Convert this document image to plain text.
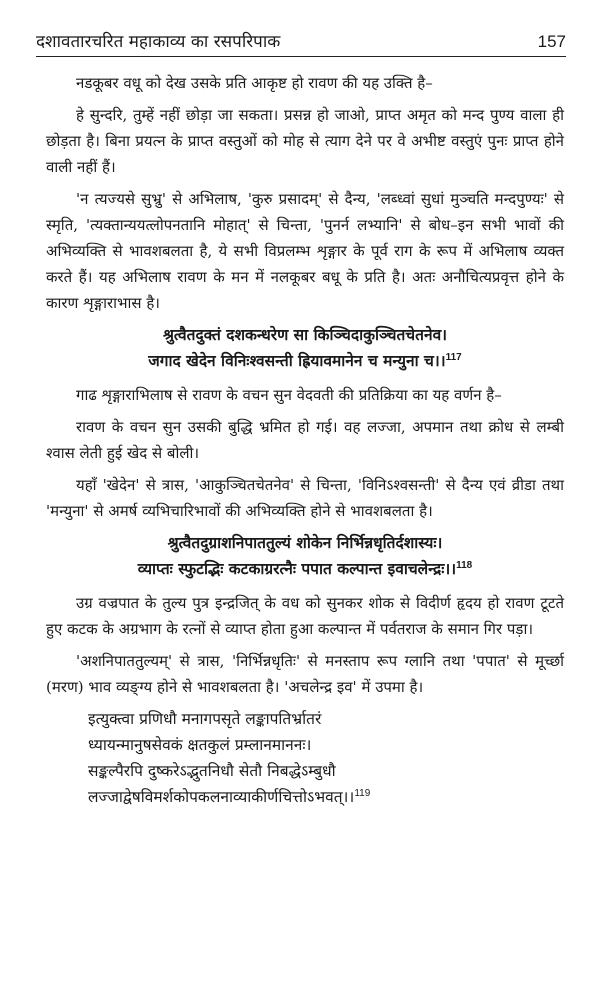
दशावतारचरित महाकाव्य का रसपरिपाक	157

नडकूबर वधू को देख उसके प्रति आकृष्ट हो रावण की यह उक्ति है–

हे सुन्दरि, तुम्हें नहीं छोड़ा जा सकता। प्रसन्न हो जाओ, प्राप्त अमृत को मन्द पुण्य वाला ही छोड़ता है। बिना प्रयत्न के प्राप्त वस्तुओं को मोह से त्याग देने पर वे अभीष्ट वस्तुएं पुनः प्राप्त होने वाली नहीं हैं।

'न त्यज्यसे सुभ्रु' से अभिलाष, 'कुरु प्रसादम्' से दैन्य, 'लब्ध्वां सुधां मुञ्चति मन्दपुण्यः' से स्मृति, 'त्यक्तान्ययत्लोपनतानि मोहात्' से चिन्ता, 'पुनर्न लभ्यानि' से बोध–इन सभी भावों की अभिव्यक्ति से भावशबलता है, ये सभी विप्रलम्भ शृङ्गार के पूर्व राग के रूप में अभिलाष व्यक्त करते हैं। यह अभिलाष रावण के मन में नलकूबर बधू के प्रति है। अतः अनौचित्यप्रवृत्त होने के कारण शृङ्गाराभास है।

श्रुत्वैतदुक्तं दशकन्धरेण सा किञ्चिदाकुञ्चितचेतनेव।
जगाद खेदेन विनिःश्वसन्ती ह्रियावमानेन च मन्युना च।।$^{117}$

गाढ शृङ्गाराभिलाष से रावण के वचन सुन वेदवती की प्रतिक्रिया का यह वर्णन है–

रावण के वचन सुन उसकी बुद्धि भ्रमित हो गई। वह लज्जा, अपमान तथा क्रोध से लम्बी श्वास लेती हुई खेद से बोली।

यहाँ 'खेदेन' से त्रास, 'आकुञ्चितचेतनेव' से चिन्ता, 'विनिऽश्वसन्ती' से दैन्य एवं व्रीडा तथा 'मन्युना' से अमर्ष व्यभिचारिभावों की अभिव्यक्ति होने से भावशबलता है।

श्रुत्वैतदुग्राशनिपाततुल्यं शोकेन निर्भिन्नधृतिर्दशास्यः।
व्याप्तः स्फुटद्भिः कटकाग्ररत्नैः पपात कल्पान्त इवाचलेन्द्रः।।$^{118}$

उग्र वज्रपात के तुल्य पुत्र इन्द्रजित् के वध को सुनकर शोक से विदीर्ण हृदय हो रावण टूटते हुए कटक के अग्रभाग के रत्नों से व्याप्त होता हुआ कल्पान्त में पर्वतराज के समान गिर पड़ा।

'अशनिपाततुल्यम्' से त्रास, 'निर्भिन्नधृतिः' से मनस्ताप रूप ग्लानि तथा 'पपात' से मूर्च्छा (मरण) भाव व्यङ्ग्य होने से भावशबलता है। 'अचलेन्द्र इव' में उपमा है।

इत्युक्त्वा प्रणिधौ मनागपसृते लङ्कापतिर्भ्रातरं
ध्यायन्मानुषसेवकं क्षतकुलं प्रम्लानमाननः।
सङ्कल्पैरपि दुष्करेऽद्भुतनिधौ सेतौ निबद्धेऽम्बुधौ
लज्जाद्वेषविमर्शकोपकलनाव्याकीर्णचित्तोऽभवत्।।$^{119}$
